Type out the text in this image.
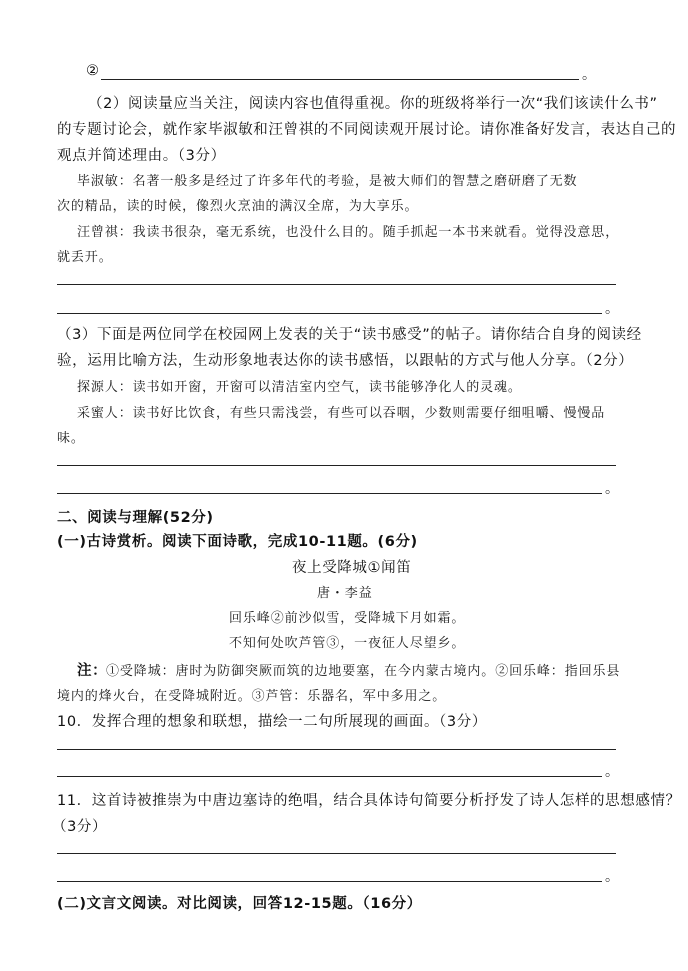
②	。
（2）阅读量应当关注，阅读内容也值得重视。你的班级将举行一次“我们该读什么书”
的专题讨论会，就作家毕淑敏和汪曾祺的不同阅读观开展讨论。请你准备好发言，表达自己的
观点并简述理由。（3分）
毕淑敏：名著一般多是经过了许多年代的考验，是被大师们的智慧之磨研磨了无数
次的精品，读的时候，像烈火烹油的满汉全席，为大享乐。
汪曾祺：我读书很杂，毫无系统，也没什么目的。随手抓起一本书来就看。觉得没意思，
就丢开。
。
（3）下面是两位同学在校园网上发表的关于“读书感受”的帖子。请你结合自身的阅读经
验，运用比喻方法，生动形象地表达你的读书感悟，以跟帖的方式与他人分享。（2分）
探源人：读书如开窗，开窗可以清洁室内空气，读书能够净化人的灵魂。
采蜜人：读书好比饮食，有些只需浅尝，有些可以吞咽，少数则需要仔细咀嚼、慢慢品
味。
。
二、阅读与理解(52分)
(一)古诗赏析。阅读下面诗歌，完成10-11题。(6分)
夜上受降城①闻笛
唐・李益
回乐峰②前沙似雪，受降城下月如霜。
不知何处吹芦管③，一夜征人尽望乡。
注：
①受降城：唐时为防御突厥而筑的边地要塞，在今内蒙古境内。②回乐峰：指回乐县
境内的烽火台，在受降城附近。③芦管：乐器名，军中多用之。
10．发挥合理的想象和联想，描绘一二句所展现的画面。（3分）
。
11．这首诗被推崇为中唐边塞诗的绝唱，结合具体诗句简要分析抒发了诗人怎样的思想感情？
（3分）
。
(二)文言文阅读。对比阅读，回答12-15题。（16分）
